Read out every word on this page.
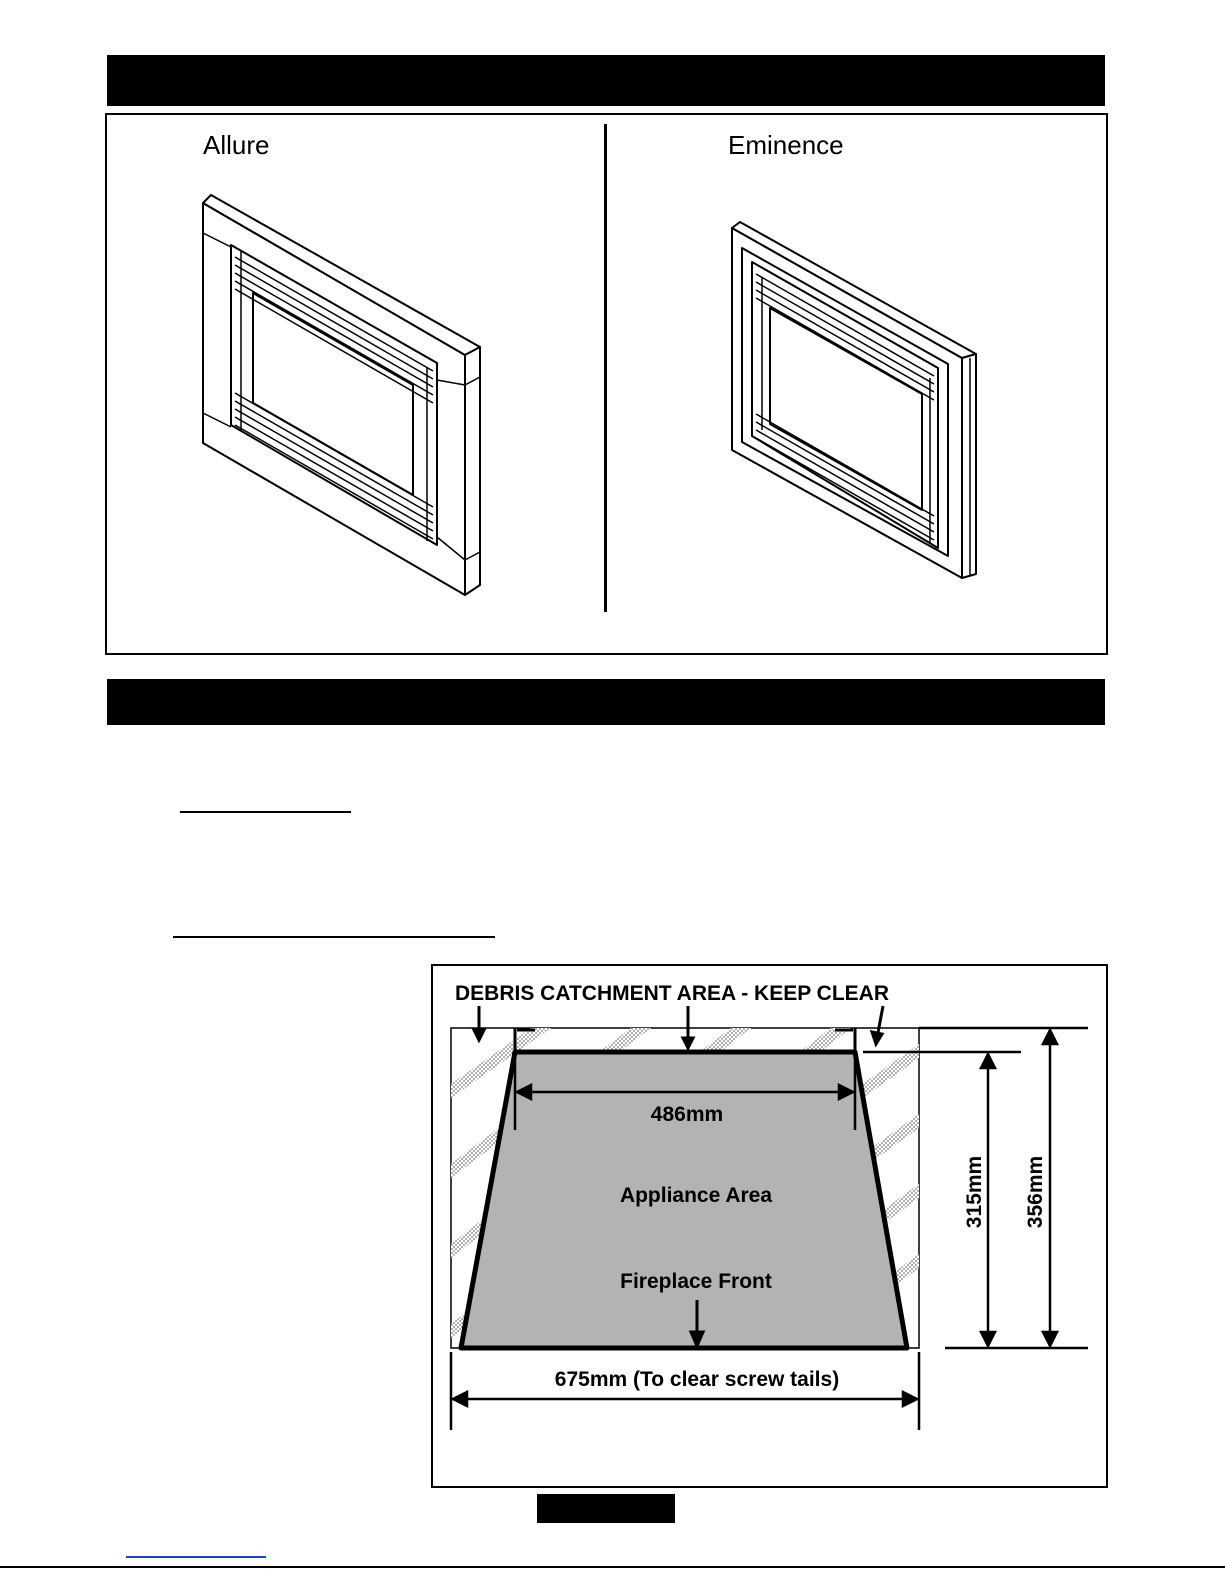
Allure	Eminence
DEBRIS CATCHMENT AREA - KEEP CLEAR
486mm
Appliance Area
Fireplace Front
675mm (To clear screw tails)
315mm 356mm
